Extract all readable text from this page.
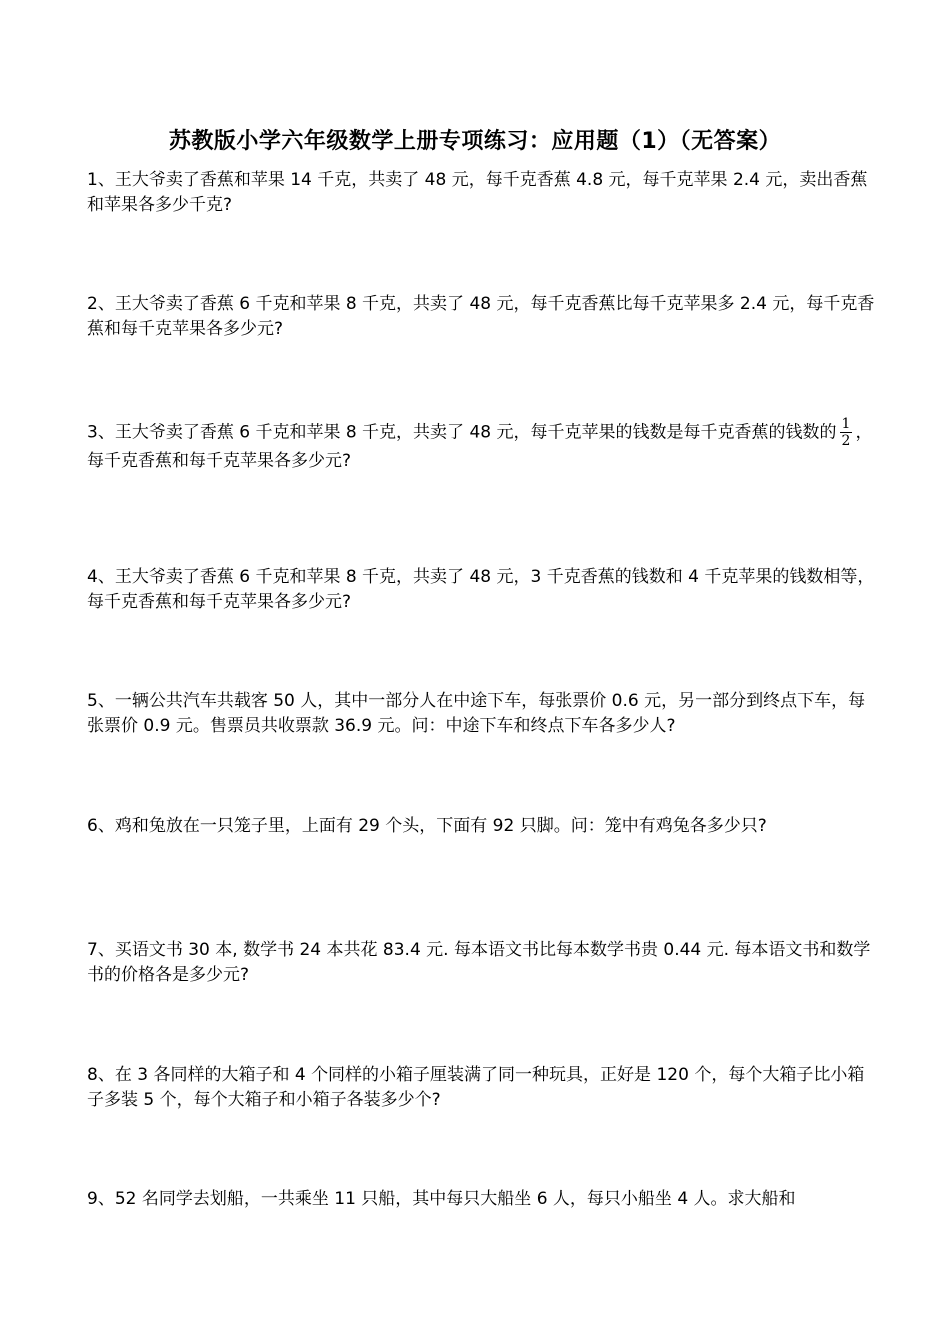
苏教版小学六年级数学上册专项练习：应用题（1）（无答案）
1、王大爷卖了香蕉和苹果 14 千克，共卖了 48 元，每千克香蕉 4.8 元，每千克苹果 2.4 元，卖出香蕉和苹果各多少千克?
2、王大爷卖了香蕉 6 千克和苹果 8 千克，共卖了 48 元，每千克香蕉比每千克苹果多 2.4 元，每千克香蕉和每千克苹果各多少元?
3、王大爷卖了香蕉 6 千克和苹果 8 千克，共卖了 48 元，每千克苹果的钱数是每千克香蕉的钱数的 $\frac{1}{2}$ ，每千克香蕉和每千克苹果各多少元?
4、王大爷卖了香蕉 6 千克和苹果 8 千克，共卖了 48 元，3 千克香蕉的钱数和 4 千克苹果的钱数相等，每千克香蕉和每千克苹果各多少元?
5、一辆公共汽车共载客 50 人，其中一部分人在中途下车，每张票价 0.6 元，另一部分到终点下车，每张票价 0.9 元。售票员共收票款 36.9 元。问：中途下车和终点下车各多少人?
6、鸡和兔放在一只笼子里，上面有 29 个头，下面有 92 只脚。问：笼中有鸡兔各多少只?
7、买语文书 30 本, 数学书 24 本共花 83.4 元. 每本语文书比每本数学书贵 0.44 元. 每本语文书和数学书的价格各是多少元?
8、在 3 各同样的大箱子和 4 个同样的小箱子厘装满了同一种玩具，正好是 120 个，每个大箱子比小箱子多装 5 个，每个大箱子和小箱子各装多少个?
9、52 名同学去划船，一共乘坐 11 只船，其中每只大船坐 6 人，每只小船坐 4 人。求大船和
